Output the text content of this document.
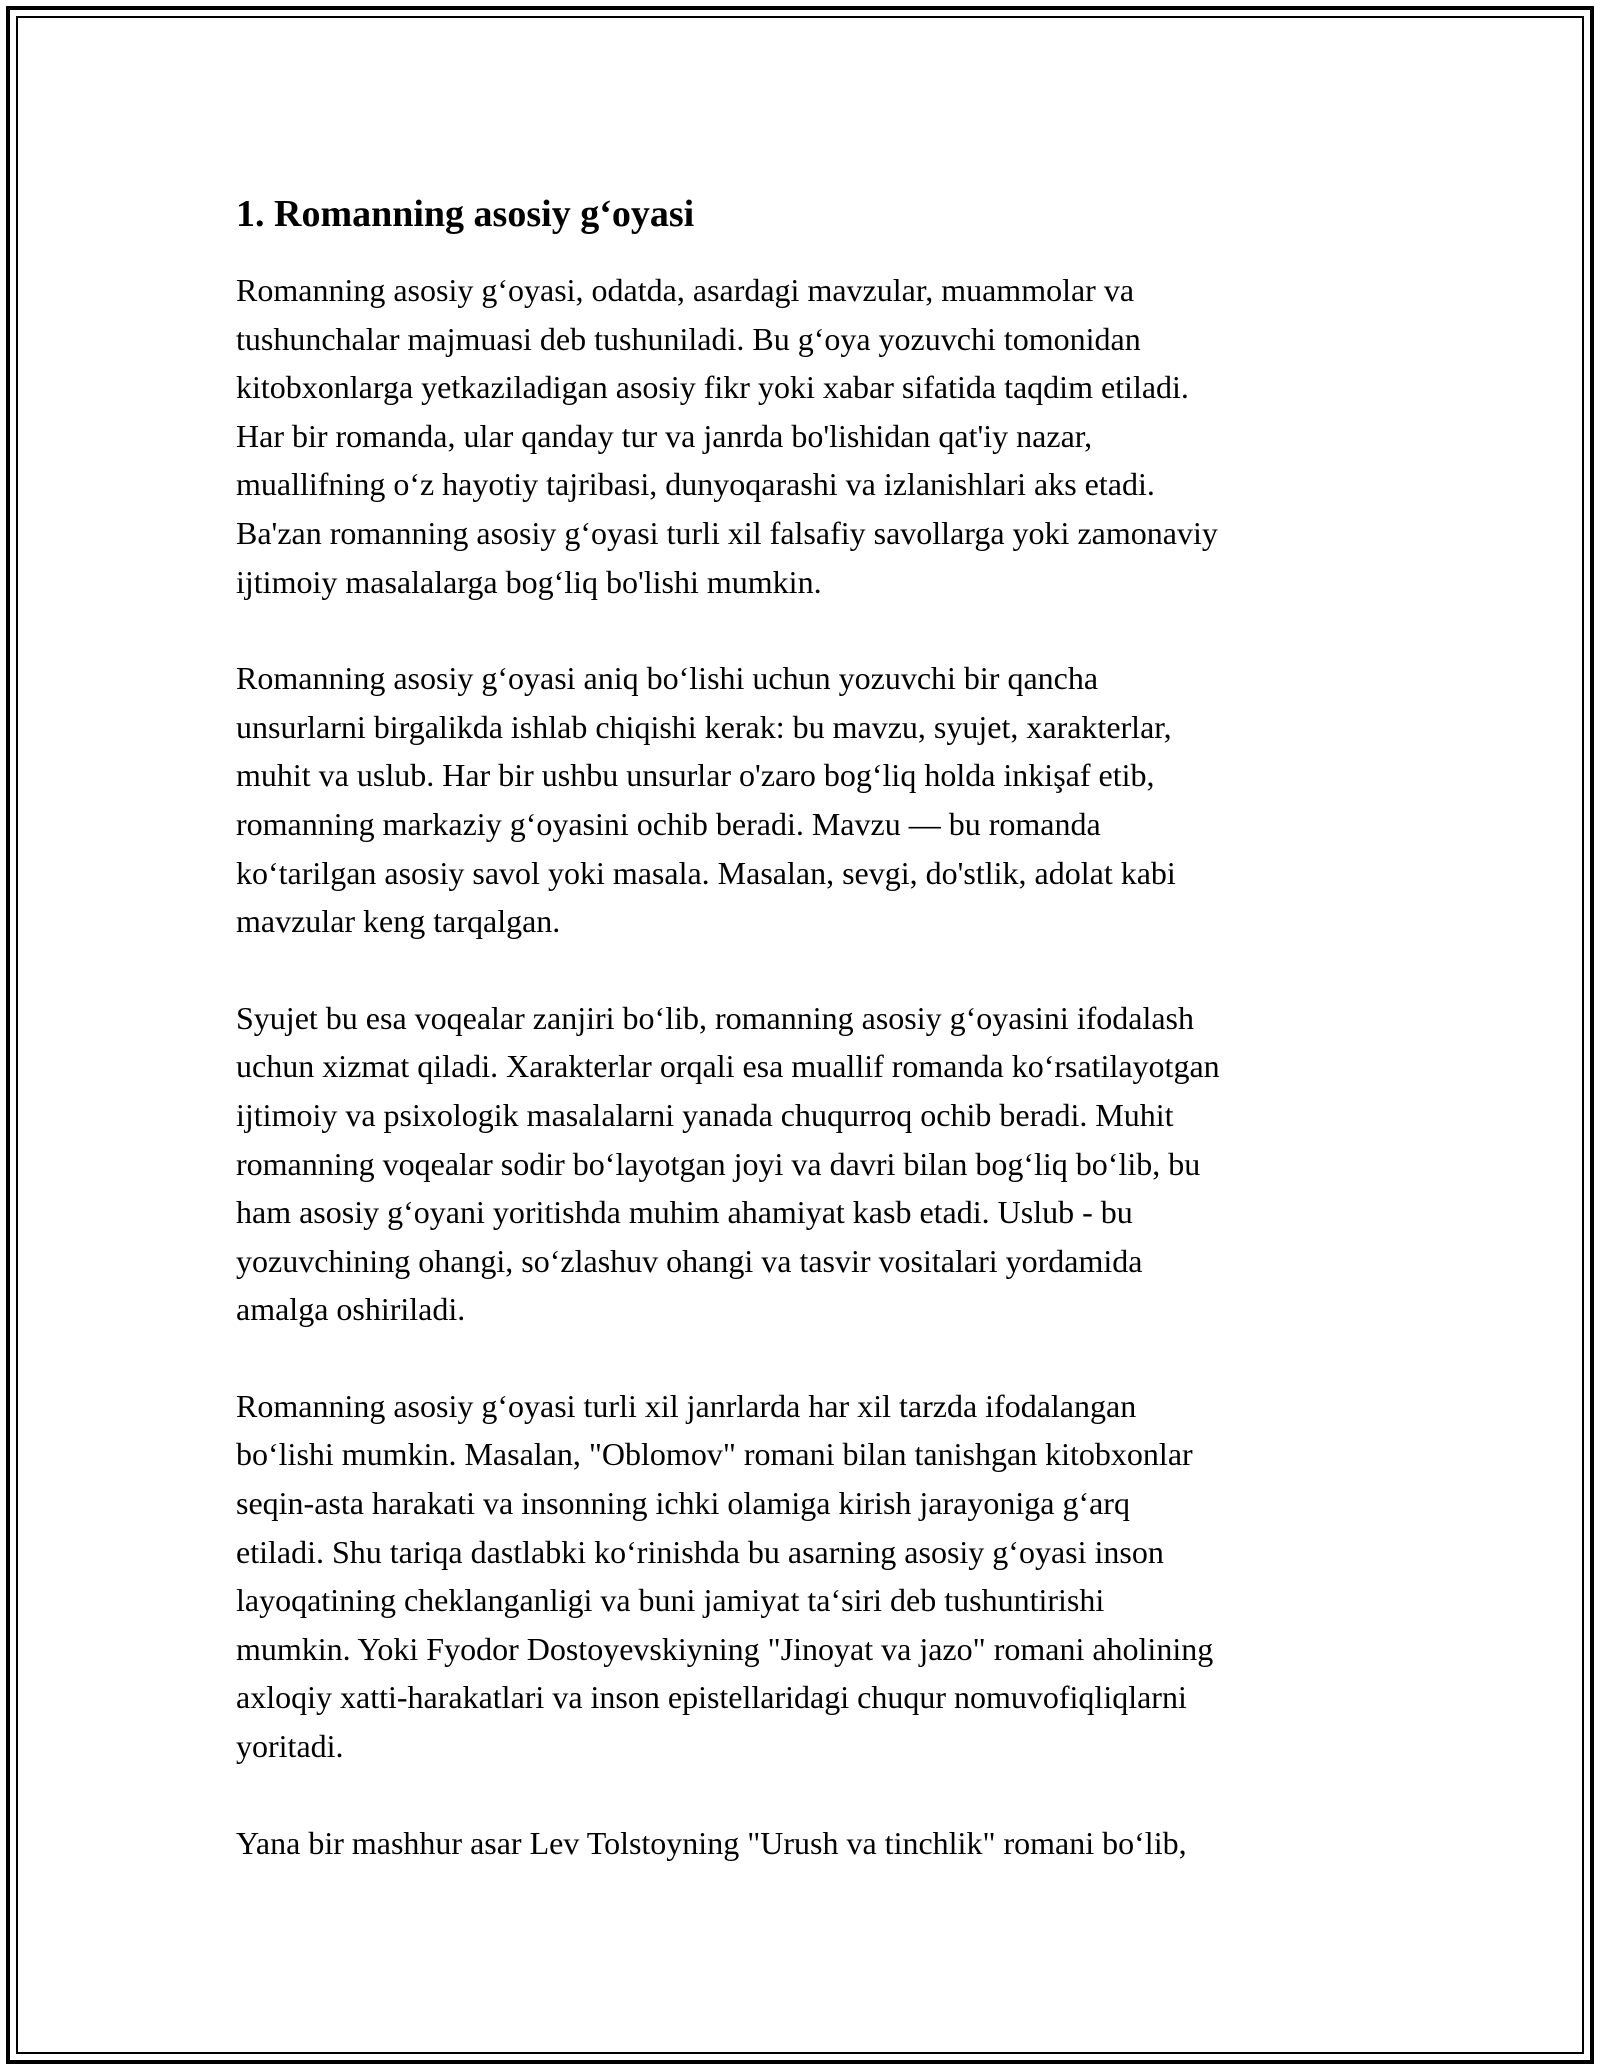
1. Romanning asosiy g‘oyasi

Romanning asosiy g‘oyasi, odatda, asardagi mavzular, muammolar va
tushunchalar majmuasi deb tushuniladi. Bu g‘oya yozuvchi tomonidan
kitobxonlarga yetkaziladigan asosiy fikr yoki xabar sifatida taqdim etiladi.
Har bir romanda, ular qanday tur va janrda bo'lishidan qat'iy nazar,
muallifning o‘z hayotiy tajribasi, dunyoqarashi va izlanishlari aks etadi.
Ba'zan romanning asosiy g‘oyasi turli xil falsafiy savollarga yoki zamonaviy
ijtimoiy masalalarga bog‘liq bo'lishi mumkin.

Romanning asosiy g‘oyasi aniq bo‘lishi uchun yozuvchi bir qancha
unsurlarni birgalikda ishlab chiqishi kerak: bu mavzu, syujet, xarakterlar,
muhit va uslub. Har bir ushbu unsurlar o'zaro bog‘liq holda inkişaf etib,
romanning markaziy g‘oyasini ochib beradi. Mavzu — bu romanda
ko‘tarilgan asosiy savol yoki masala. Masalan, sevgi, do'stlik, adolat kabi
mavzular keng tarqalgan.

Syujet bu esa voqealar zanjiri bo‘lib, romanning asosiy g‘oyasini ifodalash
uchun xizmat qiladi. Xarakterlar orqali esa muallif romanda ko‘rsatilayotgan
ijtimoiy va psixologik masalalarni yanada chuqurroq ochib beradi. Muhit
romanning voqealar sodir bo‘layotgan joyi va davri bilan bog‘liq bo‘lib, bu
ham asosiy g‘oyani yoritishda muhim ahamiyat kasb etadi. Uslub - bu
yozuvchining ohangi, so‘zlashuv ohangi va tasvir vositalari yordamida
amalga oshiriladi.

Romanning asosiy g‘oyasi turli xil janrlarda har xil tarzda ifodalangan
bo‘lishi mumkin. Masalan, "Oblomov" romani bilan tanishgan kitobxonlar
seqin-asta harakati va insonning ichki olamiga kirish jarayoniga g‘arq
etiladi. Shu tariqa dastlabki ko‘rinishda bu asarning asosiy g‘oyasi inson
layoqatining cheklanganligi va buni jamiyat ta‘siri deb tushuntirishi
mumkin. Yoki Fyodor Dostoyevskiyning "Jinoyat va jazo" romani aholining
axloqiy xatti-harakatlari va inson epistellaridagi chuqur nomuvofiqliqlarni
yoritadi.

Yana bir mashhur asar Lev Tolstoyning "Urush va tinchlik" romani bo‘lib,
